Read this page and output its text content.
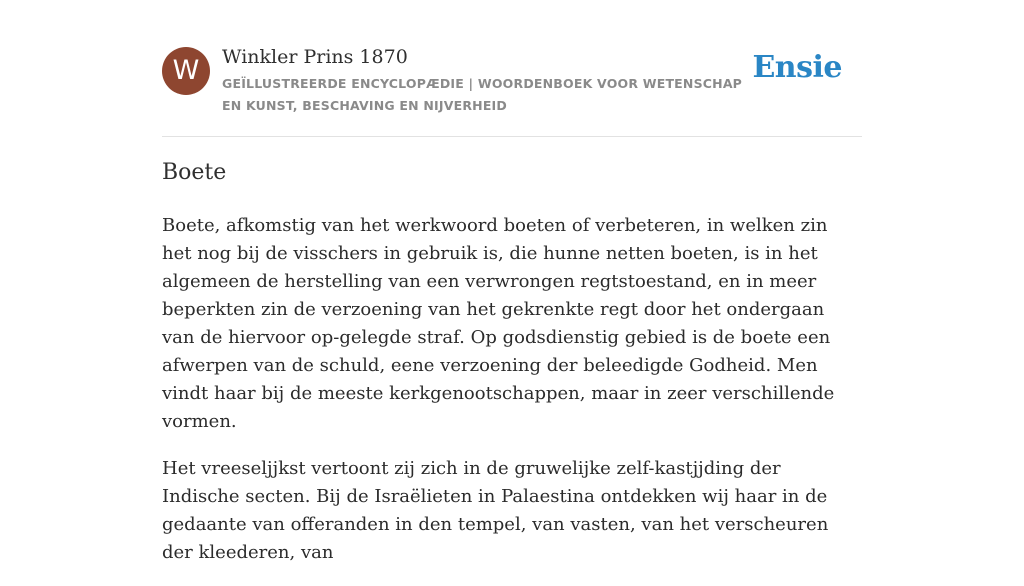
W	Winkler Prins 1870
GEÏLLUSTREERDE ENCYCLOPÆDIE | WOORDENBOEK VOOR WETENSCHAP EN KUNST, BESCHAVING EN NIJVERHEID
Ensie
Boete

Boete, afkomstig van het werkwoord boeten of verbeteren, in welken zin het nog bij de visschers in gebruik is, die hunne netten boeten, is in het algemeen de herstelling van een verwrongen regtstoestand, en in meer beperkten zin de verzoening van het gekrenkte regt door het ondergaan van de hiervoor op-gelegde straf. Op godsdienstig gebied is de boete een afwerpen van de schuld, eene verzoening der beleedigde Godheid. Men vindt haar bij de meeste kerkgenootschappen, maar in zeer verschillende vormen.

Het vreeseljjkst vertoont zij zich in de gruwelijke zelf-kastjjding der Indische secten. Bij de Israëlieten in Palaestina ontdekken wij haar in de gedaante van offeranden in den tempel, van vasten, van het verscheuren der kleederen, van
